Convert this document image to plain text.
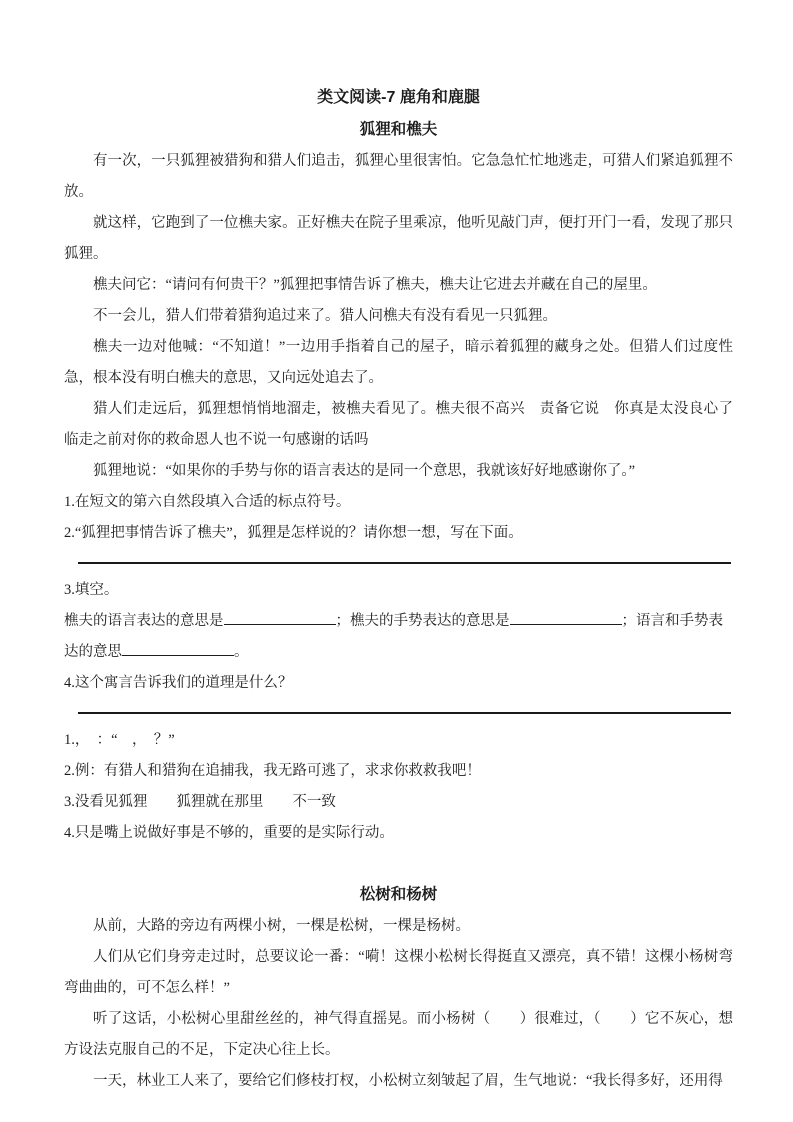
类文阅读-7 鹿角和鹿腿
狐狸和樵夫

有一次，一只狐狸被猎狗和猎人们追击，狐狸心里很害怕。它急急忙忙地逃走，可猎人们紧追狐狸不放。

就这样，它跑到了一位樵夫家。正好樵夫在院子里乘凉，他听见敲门声，便打开门一看，发现了那只狐狸。

樵夫问它：“请问有何贵干？”狐狸把事情告诉了樵夫，樵夫让它进去并藏在自己的屋里。

不一会儿，猎人们带着猎狗追过来了。猎人问樵夫有没有看见一只狐狸。

樵夫一边对他喊：“不知道！”一边用手指着自己的屋子，暗示着狐狸的藏身之处。但猎人们过度性急，根本没有明白樵夫的意思，又向远处追去了。

猎人们走远后，狐狸想悄悄地溜走，被樵夫看见了。樵夫很不高兴　责备它说　你真是太没良心了　临走之前对你的救命恩人也不说一句感谢的话吗

狐狸地说：“如果你的手势与你的语言表达的是同一个意思，我就该好好地感谢你了。”

1.在短文的第六自然段填入合适的标点符号。

2.“狐狸把事情告诉了樵夫”，狐狸是怎样说的？请你想一想，写在下面。

3.填空。

樵夫的语言表达的意思是	；樵夫的手势表达的意思是	；语言和手势表达的意思	。

4.这个寓言告诉我们的道理是什么？

1.，　：“　，　？”

2.例：有猎人和猎狗在追捕我，我无路可逃了，求求你救救我吧！

3.没看见狐狸　　狐狸就在那里　　不一致

4.只是嘴上说做好事是不够的，重要的是实际行动。

松树和杨树

从前，大路的旁边有两棵小树，一棵是松树，一棵是杨树。

人们从它们身旁走过时，总要议论一番：“嗬！这棵小松树长得挺直又漂亮，真不错！这棵小杨树弯弯曲曲的，可不怎么样！”

听了这话，小松树心里甜丝丝的，神气得直摇晃。而小杨树（　　）很难过，（　　）它不灰心，想方设法克服自己的不足，下定决心往上长。

一天，林业工人来了，要给它们修枝打杈，小松树立刻皱起了眉，生气地说：“我长得多好，还用得
